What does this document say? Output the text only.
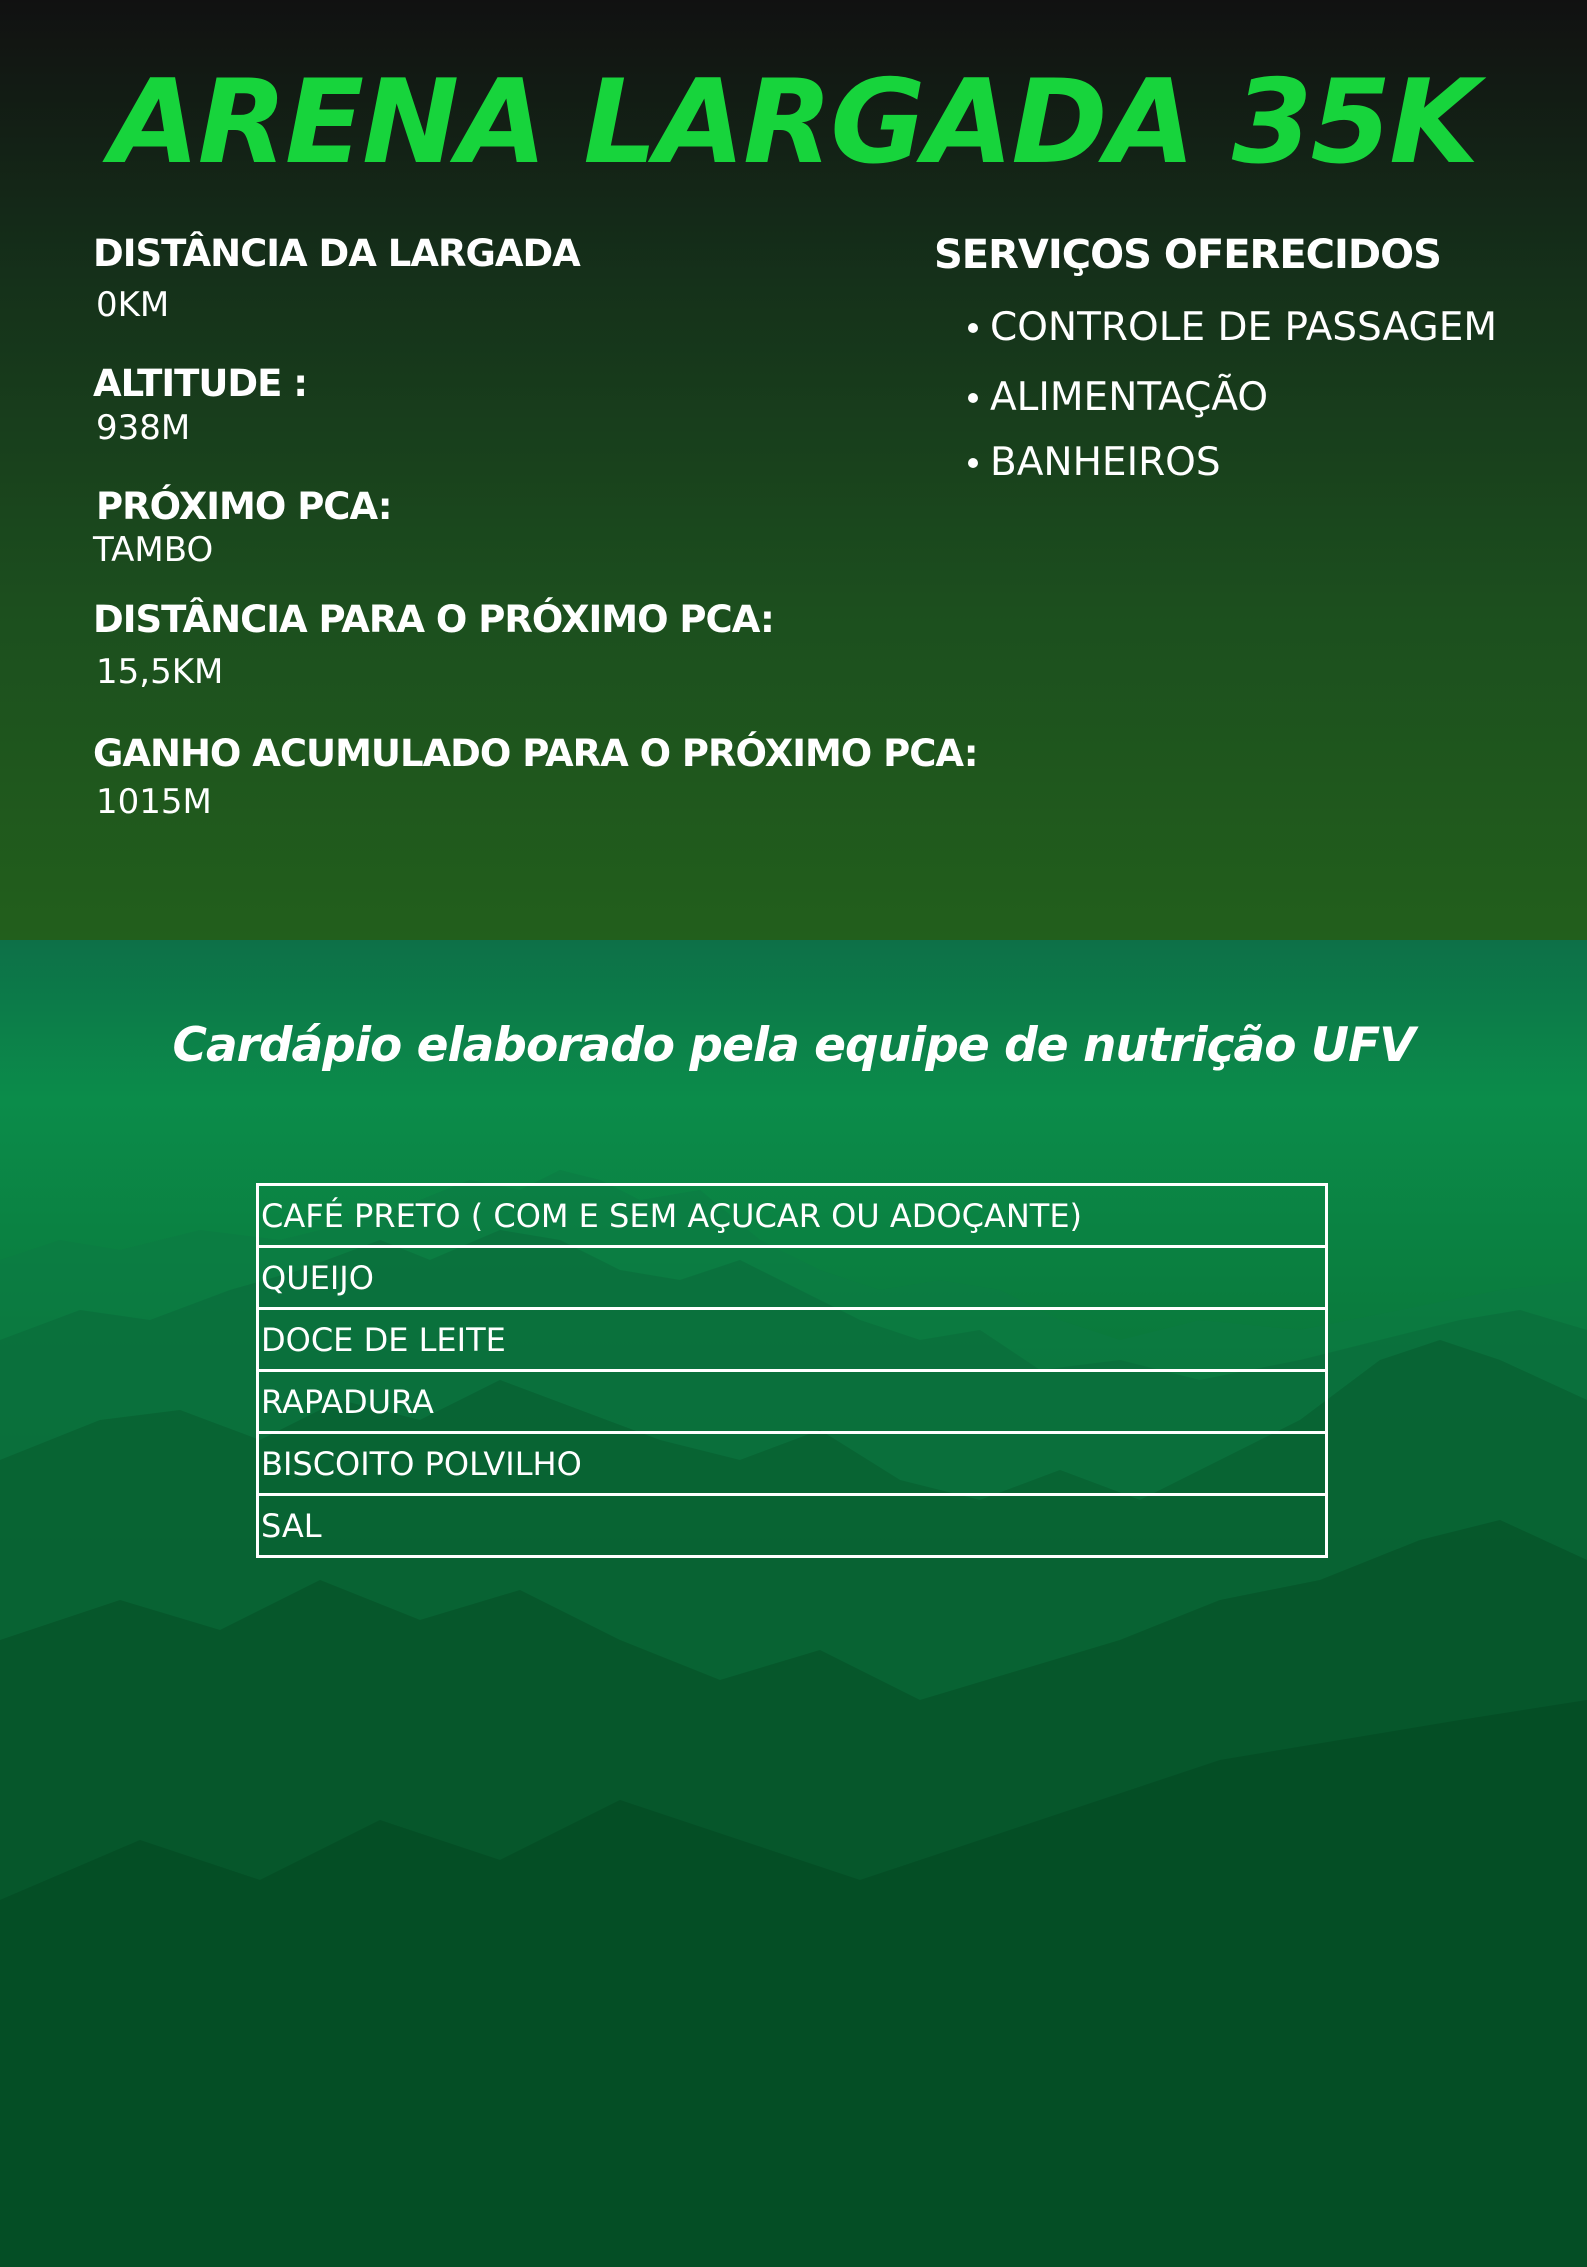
ARENA LARGADA 35K
DISTÂNCIA DA LARGADA
0KM
ALTITUDE :
938M
PRÓXIMO PCA:
TAMBO
DISTÂNCIA PARA O PRÓXIMO PCA:
15,5KM
GANHO ACUMULADO PARA O PRÓXIMO PCA:
1015M
SERVIÇOS OFERECIDOS
CONTROLE DE PASSAGEM
ALIMENTAÇÃO
BANHEIROS
Cardápio elaborado pela equipe de nutrição UFV
CAFÉ PRETO ( COM E SEM AÇUCAR OU ADOÇANTE)
QUEIJO
DOCE DE LEITE
RAPADURA
BISCOITO POLVILHO
SAL
